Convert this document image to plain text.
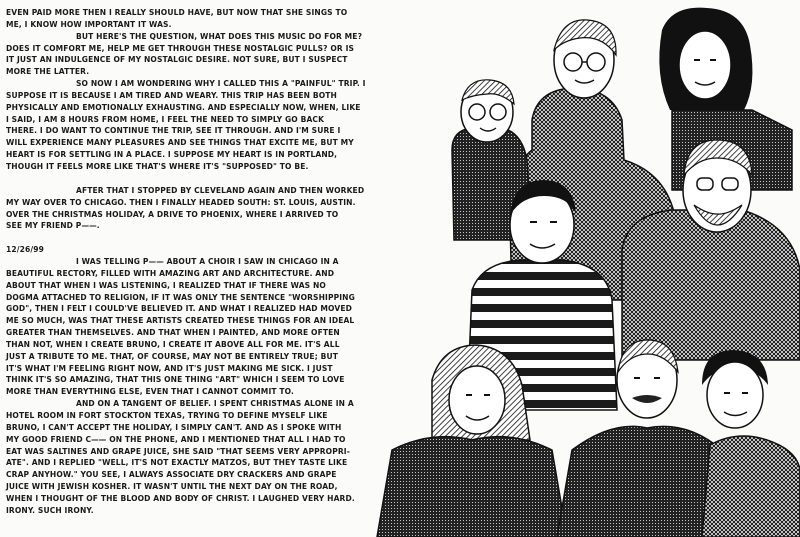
EVEN PAID MORE THEN I REALLY SHOULD HAVE, BUT NOW THAT SHE SINGS TO
ME, I KNOW HOW IMPORTANT IT WAS.

BUT HERE'S THE QUESTION, WHAT DOES THIS MUSIC DO FOR ME?
DOES IT COMFORT ME, HELP ME GET THROUGH THESE NOSTALGIC PULLS? OR IS
IT JUST AN INDULGENCE OF MY NOSTALGIC DESIRE. NOT SURE, BUT I SUSPECT
MORE THE LATTER.

SO NOW I AM WONDERING WHY I CALLED THIS A "PAINFUL" TRIP. I
SUPPOSE IT IS BECAUSE I AM TIRED AND WEARY. THIS TRIP HAS BEEN BOTH
PHYSICALLY AND EMOTIONALLY EXHAUSTING. AND ESPECIALLY NOW, WHEN, LIKE
I SAID, I AM 8 HOURS FROM HOME, I FEEL THE NEED TO SIMPLY GO BACK
THERE. I DO WANT TO CONTINUE THE TRIP, SEE IT THROUGH. AND I'M SURE I
WILL EXPERIENCE MANY PLEASURES AND SEE THINGS THAT EXCITE ME, BUT MY
HEART IS FOR SETTLING IN A PLACE. I SUPPOSE MY HEART IS IN PORTLAND,
THOUGH IT FEELS MORE LIKE THAT'S WHERE IT'S "SUPPOSED" TO BE.

AFTER THAT I STOPPED BY CLEVELAND AGAIN AND THEN WORKED
MY WAY OVER TO CHICAGO. THEN I FINALLY HEADED SOUTH: ST. LOUIS, AUSTIN.
OVER THE CHRISTMAS HOLIDAY, A DRIVE TO PHOENIX, WHERE I ARRIVED TO
SEE MY FRIEND P——.

12/26/99

I WAS TELLING P—— ABOUT A CHOIR I SAW IN CHICAGO IN A
BEAUTIFUL RECTORY, FILLED WITH AMAZING ART AND ARCHITECTURE. AND
ABOUT THAT WHEN I WAS LISTENING, I REALIZED THAT IF THERE WAS NO
DOGMA ATTACHED TO RELIGION, IF IT WAS ONLY THE SENTENCE "WORSHIPPING
GOD", THEN I FELT I COULD'VE BELIEVED IT. AND WHAT I REALIZED HAD MOVED
ME SO MUCH, WAS THAT THESE ARTISTS CREATED THESE THINGS FOR AN IDEAL
GREATER THAN THEMSELVES. AND THAT WHEN I PAINTED, AND MORE OFTEN
THAN NOT, WHEN I CREATE BRUNO, I CREATE IT ABOVE ALL FOR ME. IT'S ALL
JUST A TRIBUTE TO ME. THAT, OF COURSE, MAY NOT BE ENTIRELY TRUE; BUT
IT'S WHAT I'M FEELING RIGHT NOW, AND IT'S JUST MAKING ME SICK. I JUST
THINK IT'S SO AMAZING, THAT THIS ONE THING "ART" WHICH I SEEM TO LOVE
MORE THAN EVERYTHING ELSE, EVEN THAT I CANNOT COMMIT TO.

AND ON A TANGENT OF BELIEF. I SPENT CHRISTMAS ALONE IN A
HOTEL ROOM IN FORT STOCKTON TEXAS, TRYING TO DEFINE MYSELF LIKE
BRUNO, I CAN'T ACCEPT THE HOLIDAY, I SIMPLY CAN'T. AND AS I SPOKE WITH
MY GOOD FRIEND C—— ON THE PHONE, AND I MENTIONED THAT ALL I HAD TO
EAT WAS SALTINES AND GRAPE JUICE, SHE SAID "THAT SEEMS VERY APPROPRI-
ATE". AND I REPLIED "WELL, IT'S NOT EXACTLY MATZOS, BUT THEY TASTE LIKE
CRAP ANYHOW." YOU SEE, I ALWAYS ASSOCIATE DRY CRACKERS AND GRAPE
JUICE WITH JEWISH KOSHER. IT WASN'T UNTIL THE NEXT DAY ON THE ROAD,
WHEN I THOUGHT OF THE BLOOD AND BODY OF CHRIST. I LAUGHED VERY HARD.
IRONY. SUCH IRONY.
